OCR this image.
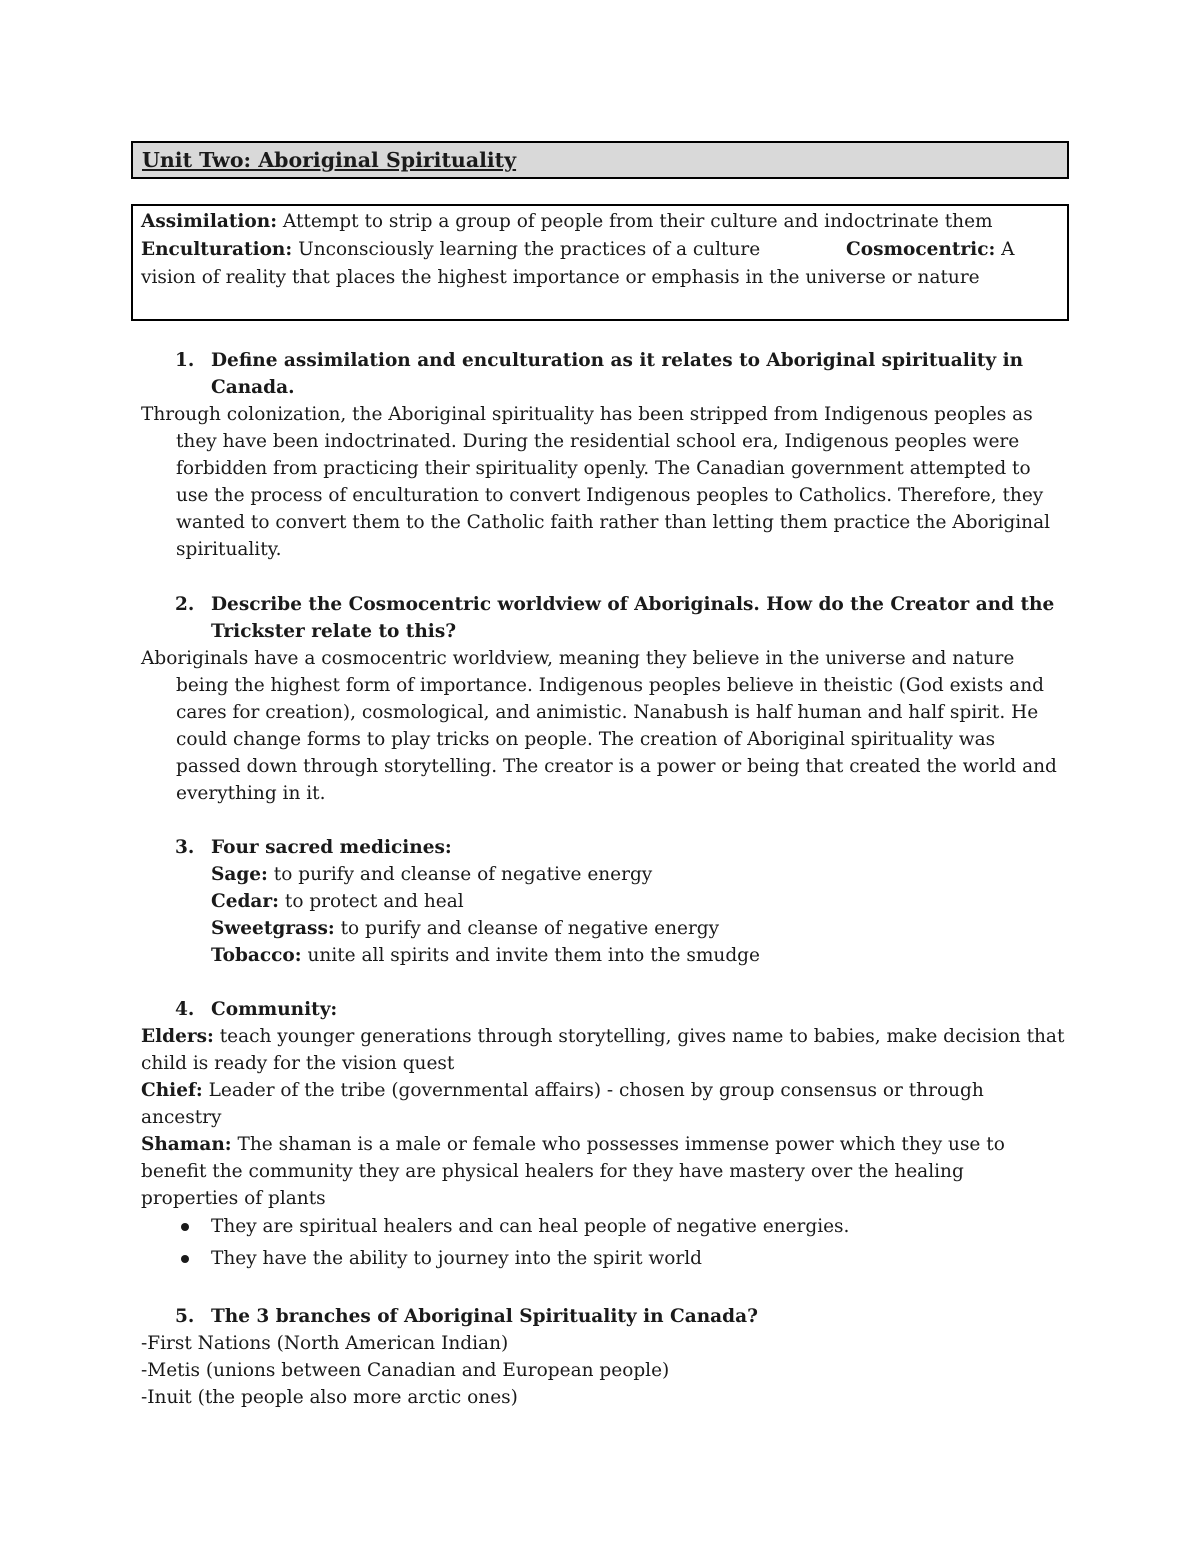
Unit Two: Aboriginal Spirituality
Assimilation: Attempt to strip a group of people from their culture and indoctrinate them
Enculturation: Unconsciously learning the practices of a culture	Cosmocentric: A
vision of reality that places the highest importance or emphasis in the universe or nature
1. Define assimilation and enculturation as it relates to Aboriginal spirituality in
Canada.
Through colonization, the Aboriginal spirituality has been stripped from Indigenous peoples as
they have been indoctrinated. During the residential school era, Indigenous peoples were
forbidden from practicing their spirituality openly. The Canadian government attempted to
use the process of enculturation to convert Indigenous peoples to Catholics. Therefore, they
wanted to convert them to the Catholic faith rather than letting them practice the Aboriginal
spirituality.
2. Describe the Cosmocentric worldview of Aboriginals. How do the Creator and the
Trickster relate to this?
Aboriginals have a cosmocentric worldview, meaning they believe in the universe and nature
being the highest form of importance. Indigenous peoples believe in theistic (God exists and
cares for creation), cosmological, and animistic. Nanabush is half human and half spirit. He
could change forms to play tricks on people. The creation of Aboriginal spirituality was
passed down through storytelling. The creator is a power or being that created the world and
everything in it.
3. Four sacred medicines:
Sage: to purify and cleanse of negative energy
Cedar: to protect and heal
Sweetgrass: to purify and cleanse of negative energy
Tobacco: unite all spirits and invite them into the smudge
4. Community:
Elders: teach younger generations through storytelling, gives name to babies, make decision that
child is ready for the vision quest
Chief: Leader of the tribe (governmental affairs) - chosen by group consensus or through
ancestry
Shaman: The shaman is a male or female who possesses immense power which they use to
benefit the community they are physical healers for they have mastery over the healing
properties of plants
They are spiritual healers and can heal people of negative energies.
They have the ability to journey into the spirit world
5. The 3 branches of Aboriginal Spirituality in Canada?
-First Nations (North American Indian)
-Metis (unions between Canadian and European people)
-Inuit (the people also more arctic ones)
